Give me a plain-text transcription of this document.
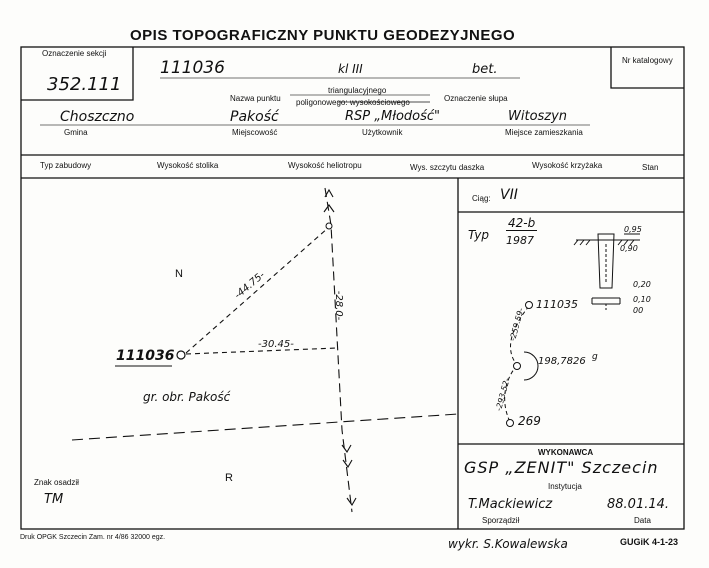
OPIS TOPOGRAFICZNY PUNKTU GEODEZYJNEGO
Oznaczenie sekcji
352.111
Nr katalogowy
111036	kl III	bet.
triangulacyjnego
Nazwa punktu poligonowego: wysokościowego	Oznaczenie słupa
Choszczno
Gmina
Pakość
Miejscowość
RSP „Młodość"
Użytkownik
Witoszyn
Miejsce zamieszkania
Typ zabudowy	Wysokość stolika	Wysokość heliotropu	Wys. szczytu daszka	Wysokość krzyżaka	Stan
N
111036
-44.75-
-30.45-
-28.0-
gr. obr. Pakość
R
Znak osadził
TM
Ciąg: VII
Typ
42-b
1987
0,95
0,90
0,20
0,10
00
111035
-259.59-
198,7826 g
-293.52-
269
WYKONAWCA
GSP „ZENIT" Szczecin
Instytucja
T.Mackiewicz
Sporządził
88.01.14.
Data
Druk OPGK Szczecin Zam. nr 4/86 32000 egz.	wykr. S.Kowalewska	GUGiK 4-1-23
